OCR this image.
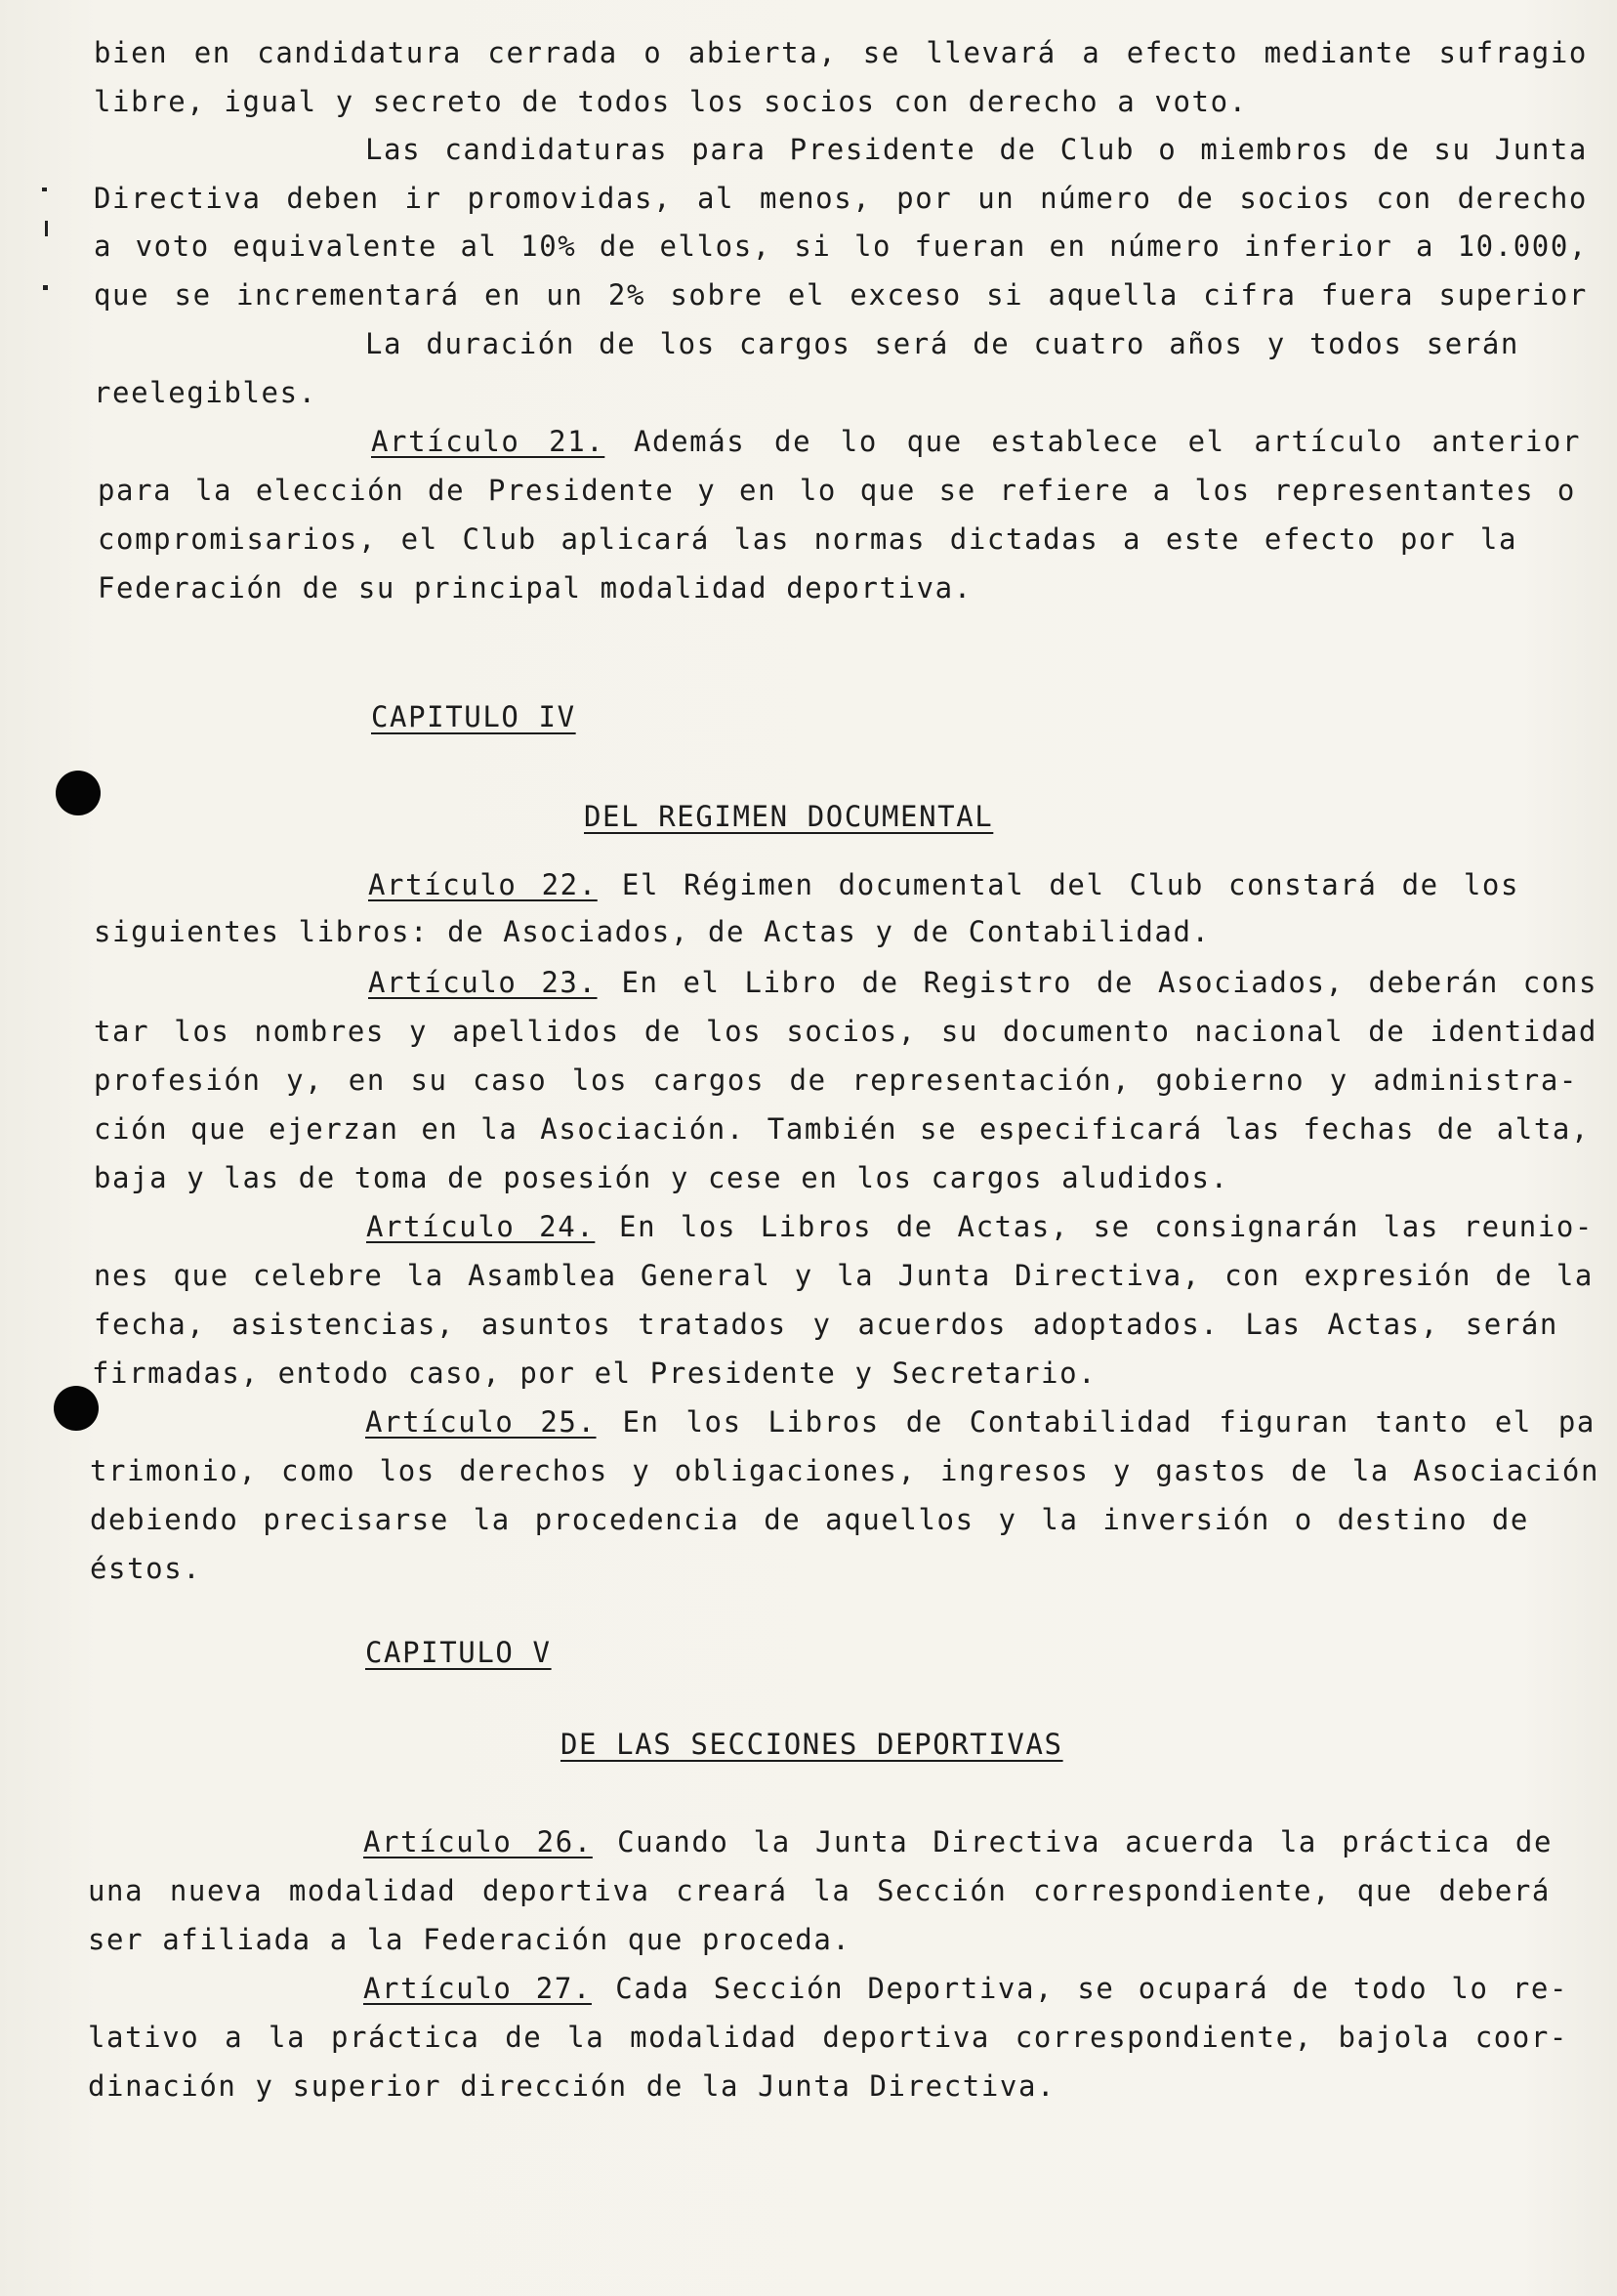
bien en candidatura cerrada o abierta, se llevará a efecto mediante sufragio
libre, igual y secreto de todos los socios con derecho a voto.
Las candidaturas para Presidente de Club o miembros de su Junta
Directiva deben ir promovidas, al menos, por un número de socios con derecho
a voto equivalente al 10% de ellos, si lo fueran en número inferior a 10.000,
que se incrementará en un 2% sobre el exceso si aquella cifra fuera superior
La duración de los cargos será de cuatro años y todos serán
reelegibles.
Artículo 21. Además de lo que establece el artículo anterior
para la elección de Presidente y en lo que se refiere a los representantes o
compromisarios, el Club aplicará las normas dictadas a este efecto por la
Federación de su principal modalidad deportiva.
CAPITULO IV
DEL REGIMEN DOCUMENTAL
Artículo 22. El Régimen documental del Club constará de los
siguientes libros: de Asociados, de Actas y de Contabilidad.
Artículo 23. En el Libro de Registro de Asociados, deberán cons
tar los nombres y apellidos de los socios, su documento nacional de identidad
profesión y, en su caso los cargos de representación, gobierno y administra-
ción que ejerzan en la Asociación. También se especificará las fechas de alta,
baja y las de toma de posesión y cese en los cargos aludidos.
Artículo 24. En los Libros de Actas, se consignarán las reunio-
nes que celebre la Asamblea General y la Junta Directiva, con expresión de la
fecha, asistencias, asuntos tratados y acuerdos adoptados. Las Actas, serán
firmadas, entodo caso, por el Presidente y Secretario.
Artículo 25. En los Libros de Contabilidad figuran tanto el pa
trimonio, como los derechos y obligaciones, ingresos y gastos de la Asociación
debiendo precisarse la procedencia de aquellos y la inversión o destino de
éstos.
CAPITULO V
DE LAS SECCIONES DEPORTIVAS
Artículo 26. Cuando la Junta Directiva acuerda la práctica de
una nueva modalidad deportiva creará la Sección correspondiente, que deberá
ser afiliada a la Federación que proceda.
Artículo 27. Cada Sección Deportiva, se ocupará de todo lo re-
lativo a la práctica de la modalidad deportiva correspondiente, bajola coor-
dinación y superior dirección de la Junta Directiva.
